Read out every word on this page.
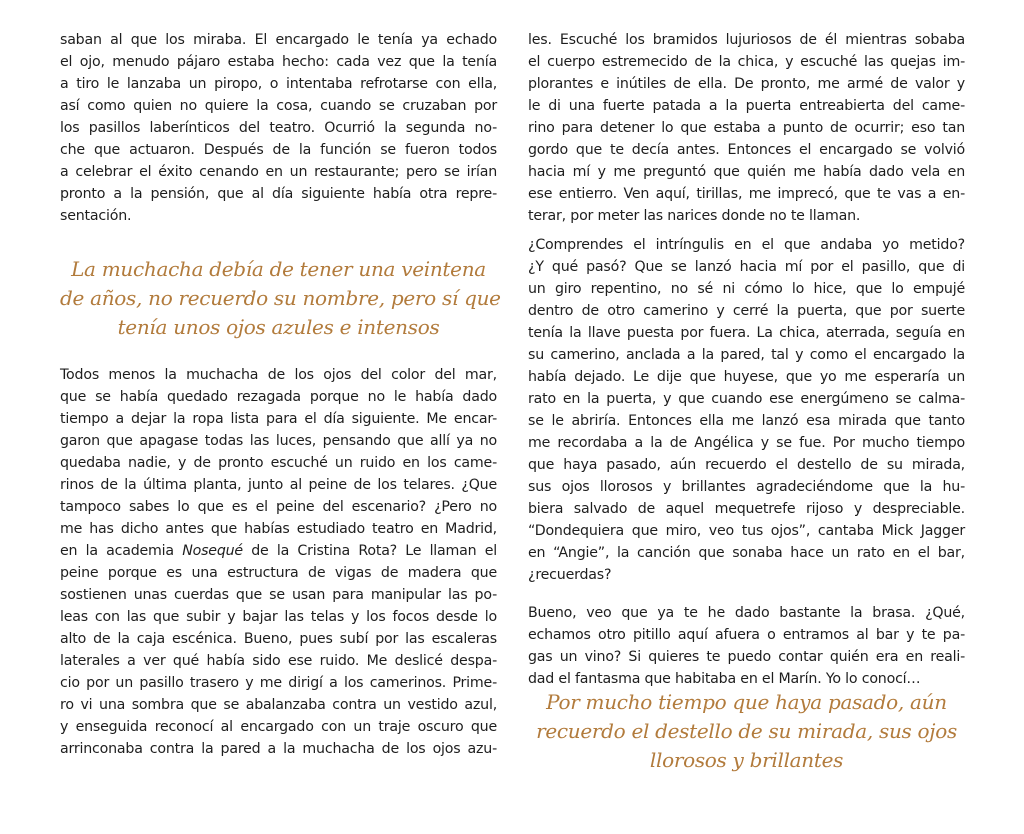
saban al que los miraba. El encargado le tenía ya echado
el ojo, menudo pájaro estaba hecho: cada vez que la tenía
a tiro le lanzaba un piropo, o intentaba refrotarse con ella,
así como quien no quiere la cosa, cuando se cruzaban por
los pasillos laberínticos del teatro. Ocurrió la segunda no-
che que actuaron. Después de la función se fueron todos
a celebrar el éxito cenando en un restaurante; pero se irían
pronto a la pensión, que al día siguiente había otra repre-
sentación.
La muchacha debía de tener una veintena
de años, no recuerdo su nombre, pero sí que
tenía unos ojos azules e intensos
Todos menos la muchacha de los ojos del color del mar,
que se había quedado rezagada porque no le había dado
tiempo a dejar la ropa lista para el día siguiente. Me encar-
garon que apagase todas las luces, pensando que allí ya no
quedaba nadie, y de pronto escuché un ruido en los came-
rinos de la última planta, junto al peine de los telares. ¿Que
tampoco sabes lo que es el peine del escenario? ¿Pero no
me has dicho antes que habías estudiado teatro en Madrid,
en la academia Nosequé de la Cristina Rota? Le llaman el
peine porque es una estructura de vigas de madera que
sostienen unas cuerdas que se usan para manipular las po-
leas con las que subir y bajar las telas y los focos desde lo
alto de la caja escénica. Bueno, pues subí por las escaleras
laterales a ver qué había sido ese ruido. Me deslicé despa-
cio por un pasillo trasero y me dirigí a los camerinos. Prime-
ro vi una sombra que se abalanzaba contra un vestido azul,
y enseguida reconocí al encargado con un traje oscuro que
arrinconaba contra la pared a la muchacha de los ojos azu-
les. Escuché los bramidos lujuriosos de él mientras sobaba
el cuerpo estremecido de la chica, y escuché las quejas im-
plorantes e inútiles de ella. De pronto, me armé de valor y
le di una fuerte patada a la puerta entreabierta del came-
rino para detener lo que estaba a punto de ocurrir; eso tan
gordo que te decía antes. Entonces el encargado se volvió
hacia mí y me preguntó que quién me había dado vela en
ese entierro. Ven aquí, tirillas, me imprecó, que te vas a en-
terar, por meter las narices donde no te llaman.
¿Comprendes el intríngulis en el que andaba yo metido?
¿Y qué pasó? Que se lanzó hacia mí por el pasillo, que di
un giro repentino, no sé ni cómo lo hice, que lo empujé
dentro de otro camerino y cerré la puerta, que por suerte
tenía la llave puesta por fuera. La chica, aterrada, seguía en
su camerino, anclada a la pared, tal y como el encargado la
había dejado. Le dije que huyese, que yo me esperaría un
rato en la puerta, y que cuando ese energúmeno se calma-
se le abriría. Entonces ella me lanzó esa mirada que tanto
me recordaba a la de Angélica y se fue. Por mucho tiempo
que haya pasado, aún recuerdo el destello de su mirada,
sus ojos llorosos y brillantes agradeciéndome que la hu-
biera salvado de aquel mequetrefe rijoso y despreciable.
“Dondequiera que miro, veo tus ojos”, cantaba Mick Jagger
en “Angie”, la canción que sonaba hace un rato en el bar,
¿recuerdas?
Bueno, veo que ya te he dado bastante la brasa. ¿Qué,
echamos otro pitillo aquí afuera o entramos al bar y te pa-
gas un vino? Si quieres te puedo contar quién era en reali-
dad el fantasma que habitaba en el Marín. Yo lo conocí…
Por mucho tiempo que haya pasado, aún
recuerdo el destello de su mirada, sus ojos
llorosos y brillantes
